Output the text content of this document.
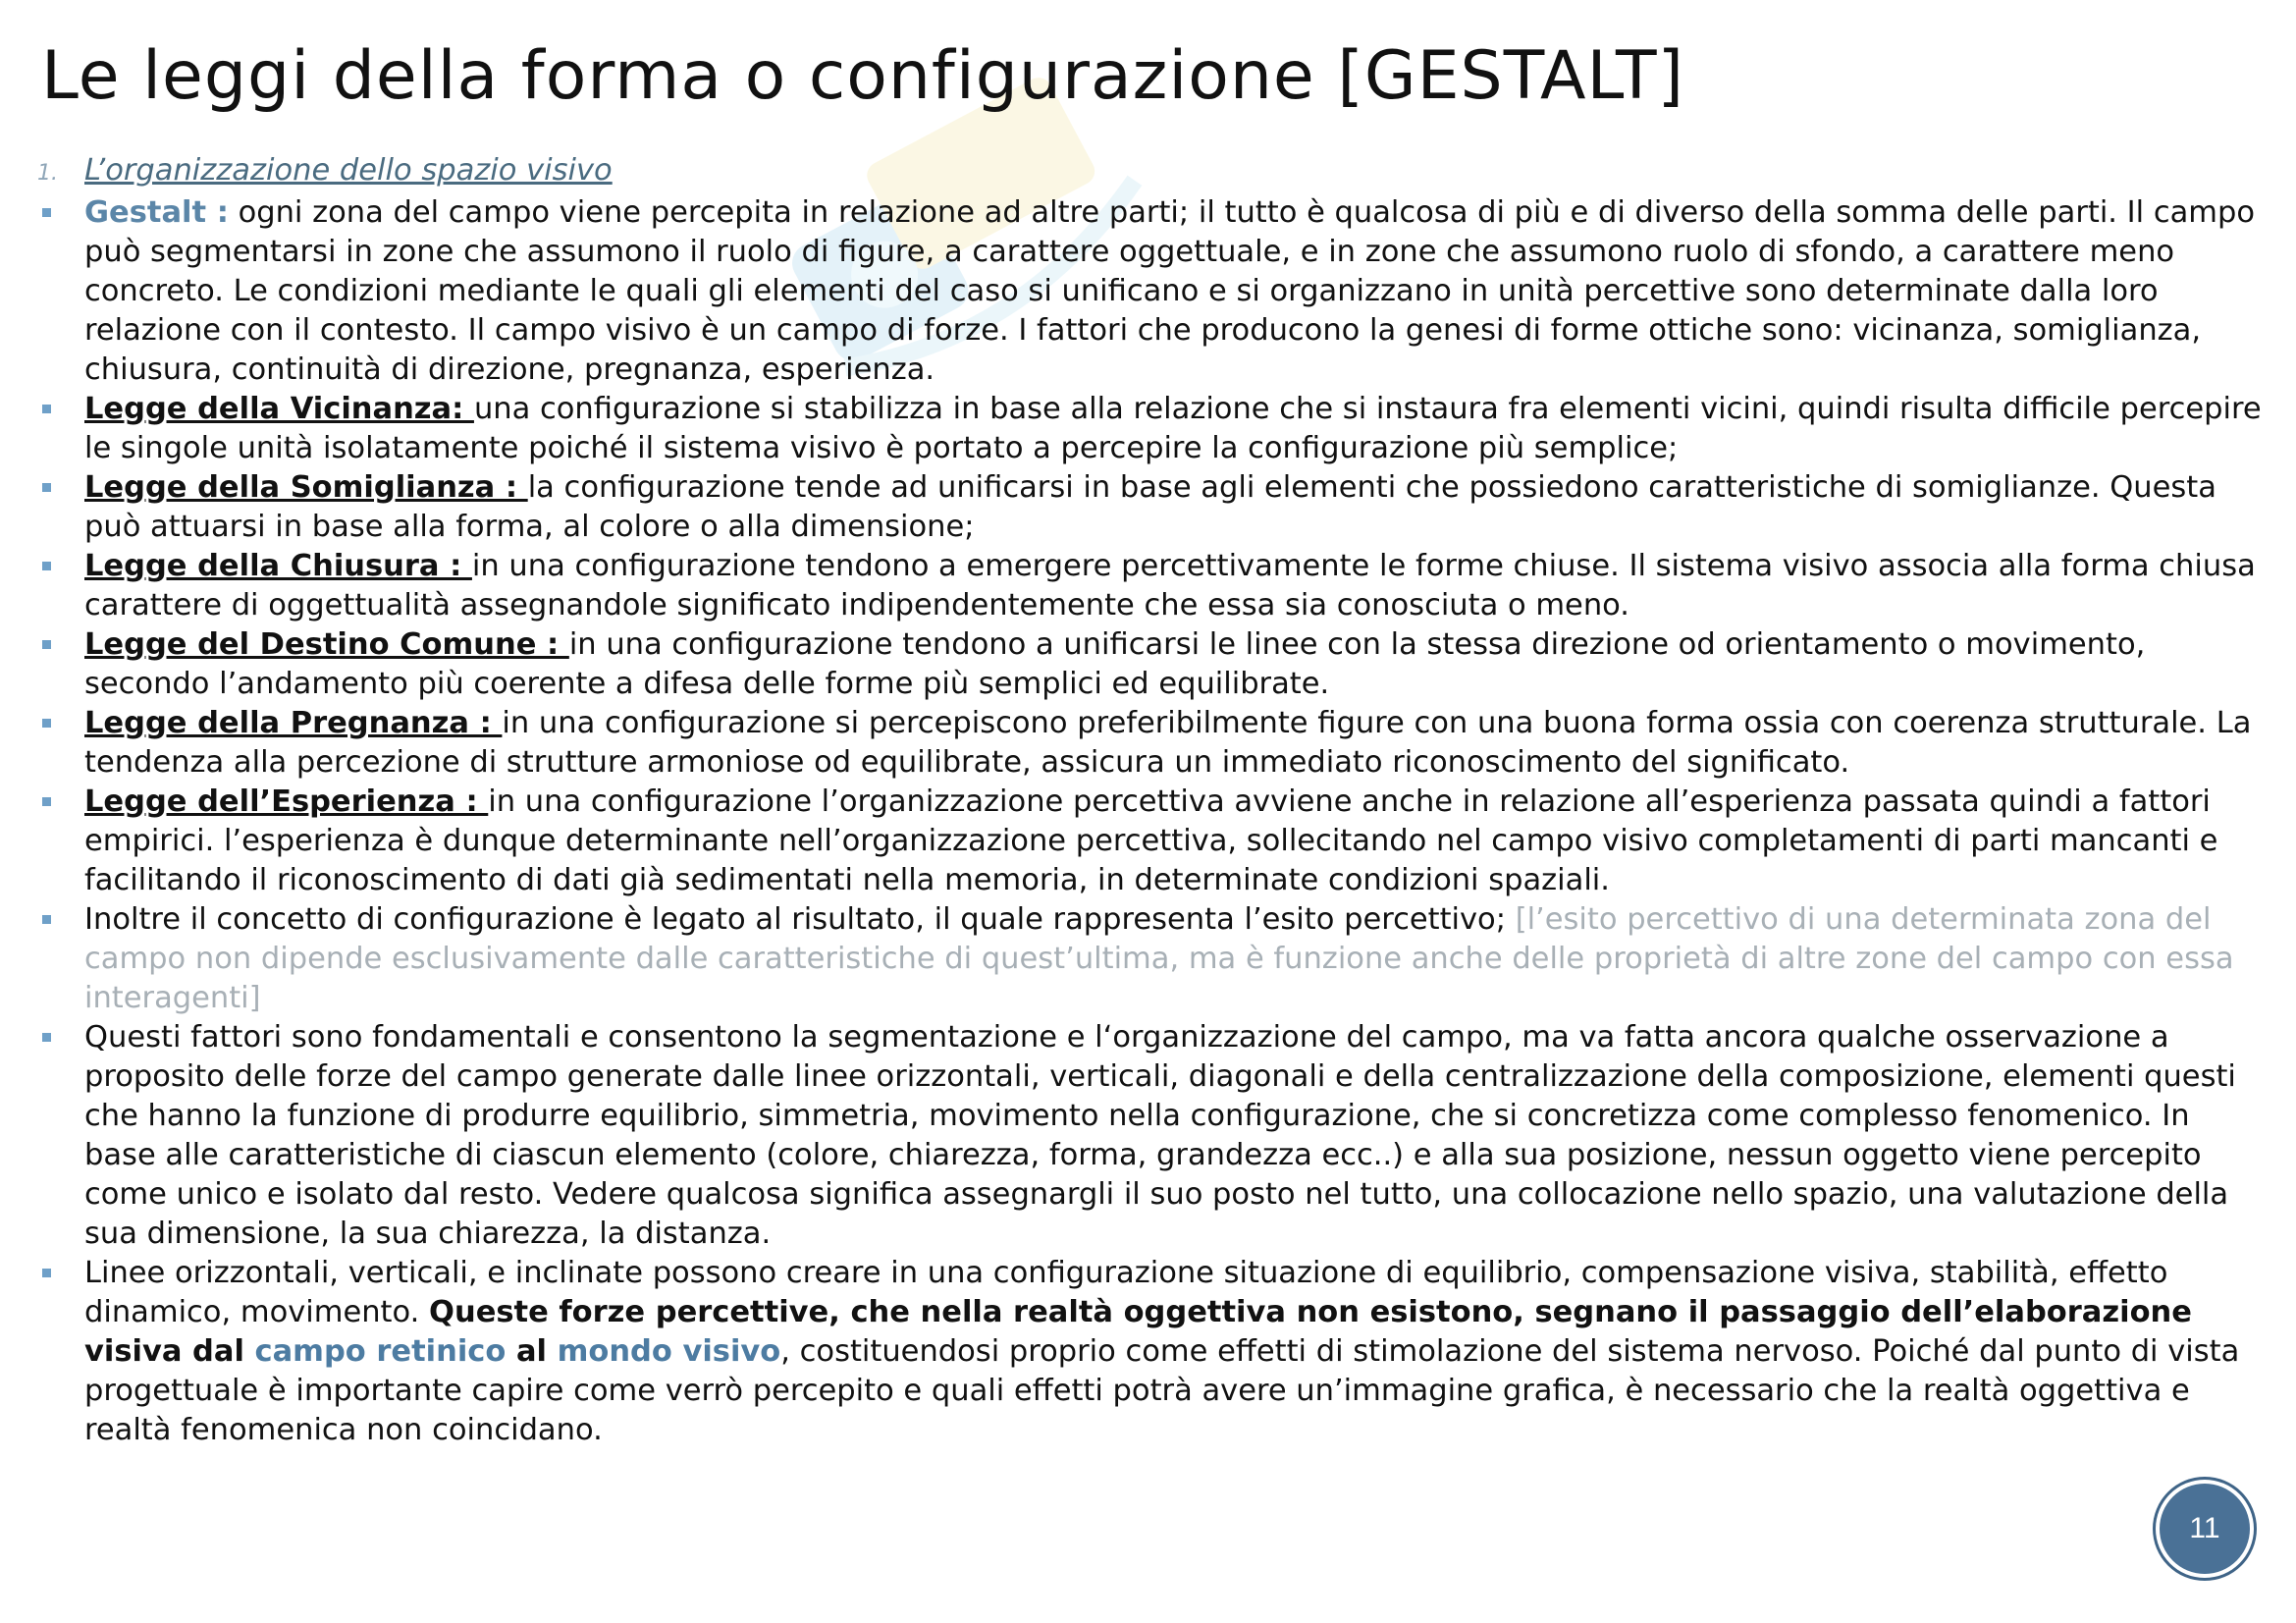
Le leggi della forma o configurazione [GESTALT]
1. L’organizzazione dello spazio visivo
Gestalt : ogni zona del campo viene percepita in relazione ad altre parti; il tutto è qualcosa di più e di diverso della somma delle parti. Il campo può segmentarsi in zone che assumono il ruolo di figure, a carattere oggettuale, e in zone che assumono ruolo di sfondo, a carattere meno concreto. Le condizioni mediante le quali gli elementi del caso si unificano e si organizzano in unità percettive sono determinate dalla loro relazione con il contesto. Il campo visivo è un campo di forze. I fattori che producono la genesi di forme ottiche sono: vicinanza, somiglianza, chiusura, continuità di direzione, pregnanza, esperienza.
Legge della Vicinanza: una configurazione si stabilizza in base alla relazione che si instaura fra elementi vicini, quindi risulta difficile percepire le singole unità isolatamente poiché il sistema visivo è portato a percepire la configurazione più semplice;
Legge della Somiglianza : la configurazione tende ad unificarsi in base agli elementi che possiedono caratteristiche di somiglianze. Questa può attuarsi in base alla forma, al colore o alla dimensione;
Legge della Chiusura : in una configurazione tendono a emergere percettivamente le forme chiuse. Il sistema visivo associa alla forma chiusa carattere di oggettualità assegnandole significato indipendentemente che essa sia conosciuta o meno.
Legge del Destino Comune : in una configurazione tendono a unificarsi le linee con la stessa direzione od orientamento o movimento, secondo l’andamento più coerente a difesa delle forme più semplici ed equilibrate.
Legge della Pregnanza : in una configurazione si percepiscono preferibilmente figure con una buona forma ossia con coerenza strutturale. La tendenza alla percezione di strutture armoniose od equilibrate, assicura un immediato riconoscimento del significato.
Legge dell’Esperienza : in una configurazione l’organizzazione percettiva avviene anche in relazione all’esperienza passata quindi a fattori empirici. l’esperienza è dunque determinante nell’organizzazione percettiva, sollecitando nel campo visivo completamenti di parti mancanti e facilitando il riconoscimento di dati già sedimentati nella memoria, in determinate condizioni spaziali.
Inoltre il concetto di configurazione è legato al risultato, il quale rappresenta l’esito percettivo; [l’esito percettivo di una determinata zona del campo non dipende esclusivamente dalle caratteristiche di quest’ultima, ma è funzione anche delle proprietà di altre zone del campo con essa interagenti]
Questi fattori sono fondamentali e consentono la segmentazione e l‘organizzazione del campo, ma va fatta ancora qualche osservazione a proposito delle forze del campo generate dalle linee orizzontali, verticali, diagonali e della centralizzazione della composizione, elementi questi che hanno la funzione di produrre equilibrio, simmetria, movimento nella configurazione, che si concretizza come complesso fenomenico. In base alle caratteristiche di ciascun elemento (colore, chiarezza, forma, grandezza ecc..) e alla sua posizione, nessun oggetto viene percepito come unico e isolato dal resto. Vedere qualcosa significa assegnargli il suo posto nel tutto, una collocazione nello spazio, una valutazione della sua dimensione, la sua chiarezza, la distanza.
Linee orizzontali, verticali, e inclinate possono creare in una configurazione situazione di equilibrio, compensazione visiva, stabilità, effetto dinamico, movimento. Queste forze percettive, che nella realtà oggettiva non esistono, segnano il passaggio dell’elaborazione visiva dal campo retinico al mondo visivo, costituendosi proprio come effetti di stimolazione del sistema nervoso. Poiché dal punto di vista progettuale è importante capire come verrò percepito e quali effetti potrà avere un’immagine grafica, è necessario che la realtà oggettiva e realtà fenomenica non coincidano.
11
